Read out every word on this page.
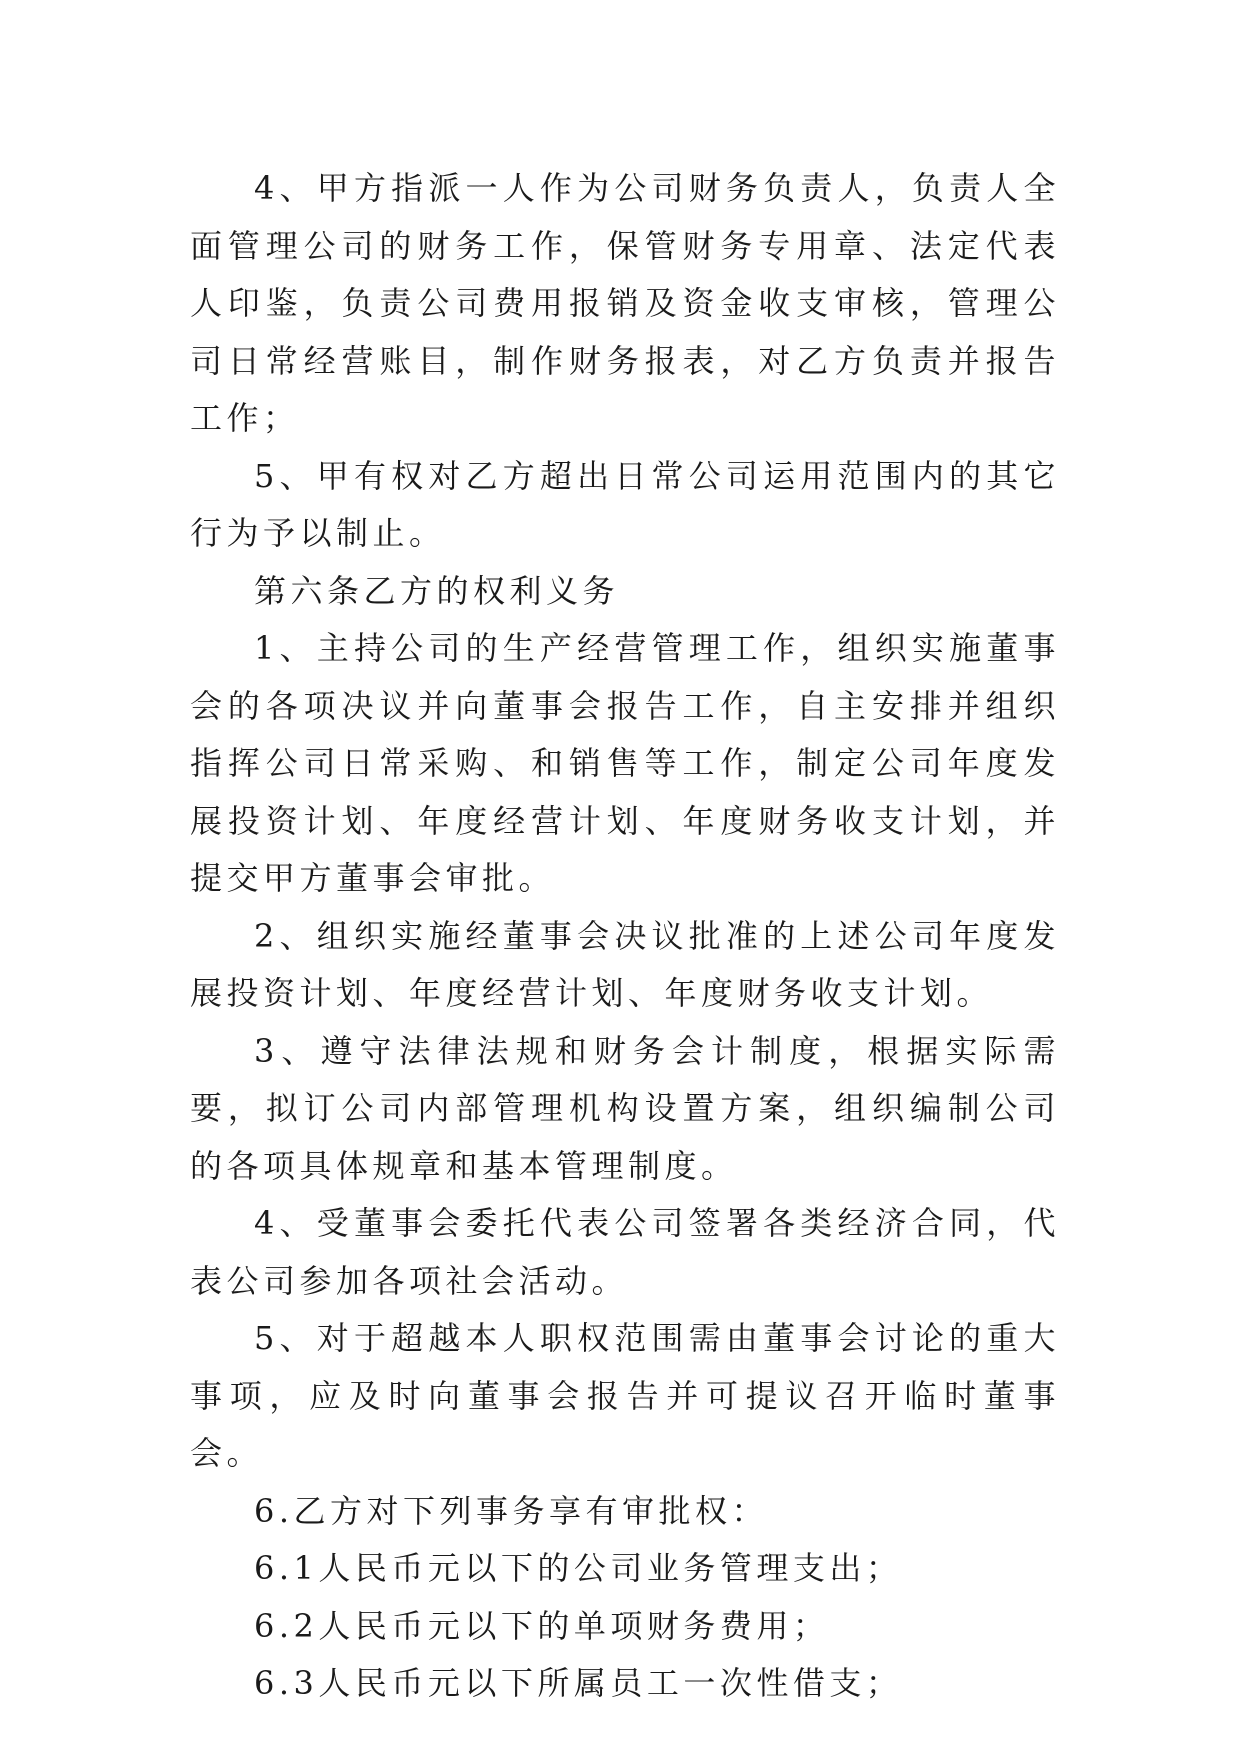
4、甲方指派一人作为公司财务负责人，负责人全面管理公司的财务工作，保管财务专用章、法定代表人印鉴，负责公司费用报销及资金收支审核，管理公司日常经营账目，制作财务报表，对乙方负责并报告工作；

5、甲有权对乙方超出日常公司运用范围内的其它行为予以制止。

第六条乙方的权利义务

1、主持公司的生产经营管理工作，组织实施董事会的各项决议并向董事会报告工作，自主安排并组织指挥公司日常采购、和销售等工作，制定公司年度发展投资计划、年度经营计划、年度财务收支计划，并提交甲方董事会审批。

2、组织实施经董事会决议批准的上述公司年度发展投资计划、年度经营计划、年度财务收支计划。

3、遵守法律法规和财务会计制度，根据实际需要，拟订公司内部管理机构设置方案，组织编制公司的各项具体规章和基本管理制度。

4、受董事会委托代表公司签署各类经济合同，代表公司参加各项社会活动。

5、对于超越本人职权范围需由董事会讨论的重大事项，应及时向董事会报告并可提议召开临时董事会。

6.乙方对下列事务享有审批权：

6.1人民币元以下的公司业务管理支出；

6.2人民币元以下的单项财务费用；

6.3人民币元以下所属员工一次性借支；
